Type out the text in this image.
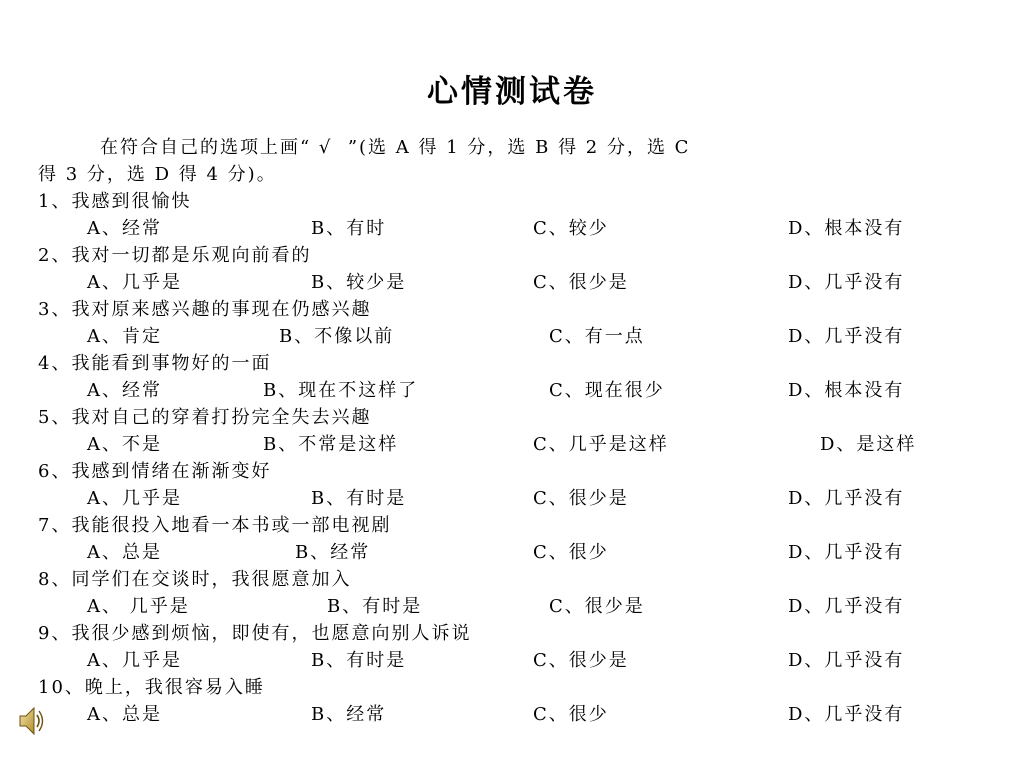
心情测试卷
在符合自己的选项上画“ √  ”(选 A 得 1 分，选 B 得 2 分，选 C
得 3 分，选 D 得 4 分)。
1、我感到很愉快
A、经常	B、有时	C、较少	D、根本没有
2、我对一切都是乐观向前看的
A、几乎是	B、较少是	C、很少是	D、几乎没有
3、我对原来感兴趣的事现在仍感兴趣
A、肯定	B、不像以前	C、有一点	D、几乎没有
4、我能看到事物好的一面
A、经常	B、现在不这样了	C、现在很少	D、根本没有
5、我对自己的穿着打扮完全失去兴趣
A、不是	B、不常是这样	C、几乎是这样	D、是这样
6、我感到情绪在渐渐变好
A、几乎是	B、有时是	C、很少是	D、几乎没有
7、我能很投入地看一本书或一部电视剧
A、总是	B、经常	C、很少	D、几乎没有
8、同学们在交谈时，我很愿意加入
A、 几乎是	B、有时是	C、很少是	D、几乎没有
9、我很少感到烦恼，即使有，也愿意向别人诉说
A、几乎是	B、有时是	C、很少是	D、几乎没有
10、晚上，我很容易入睡
A、总是	B、经常	C、很少	D、几乎没有
